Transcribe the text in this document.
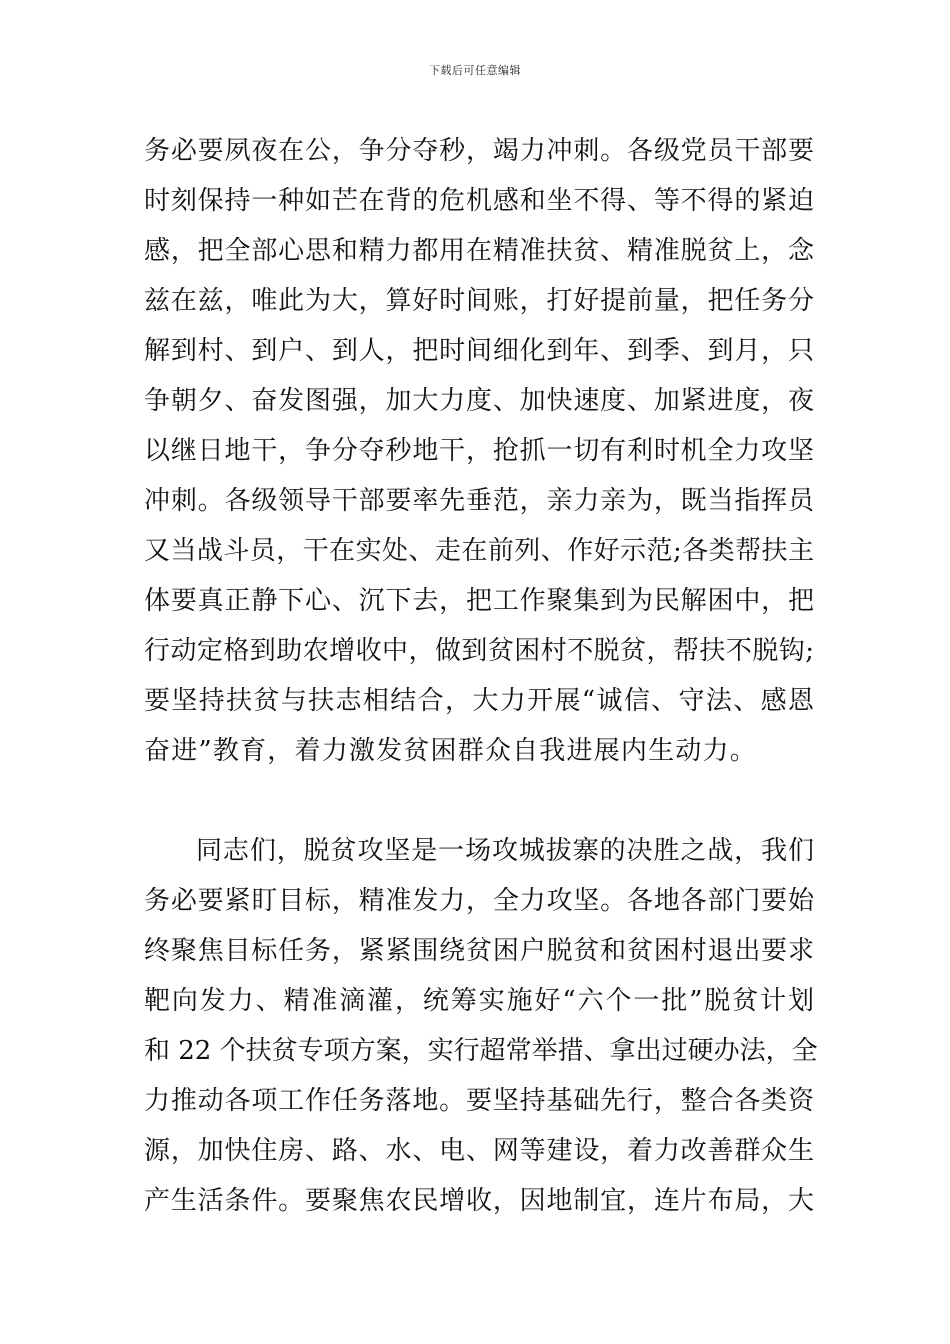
下载后可任意编辑
务必要夙夜在公，争分夺秒，竭力冲刺。各级党员干部要
时刻保持一种如芒在背的危机感和坐不得、等不得的紧迫
感，把全部心思和精力都用在精准扶贫、精准脱贫上，念
兹在兹，唯此为大，算好时间账，打好提前量，把任务分
解到村、到户、到人，把时间细化到年、到季、到月，只
争朝夕、奋发图强，加大力度、加快速度、加紧进度，夜
以继日地干，争分夺秒地干，抢抓一切有利时机全力攻坚
冲刺。各级领导干部要率先垂范，亲力亲为，既当指挥员
又当战斗员，干在实处、走在前列、作好示范;各类帮扶主
体要真正静下心、沉下去，把工作聚集到为民解困中，把
行动定格到助农增收中，做到贫困村不脱贫，帮扶不脱钩;
要坚持扶贫与扶志相结合，大力开展“诚信、守法、感恩
奋进”教育，着力激发贫困群众自我进展内生动力。
同志们，脱贫攻坚是一场攻城拔寨的决胜之战，我们
务必要紧盯目标，精准发力，全力攻坚。各地各部门要始
终聚焦目标任务，紧紧围绕贫困户脱贫和贫困村退出要求
靶向发力、精准滴灌，统筹实施好“六个一批”脱贫计划
和 22 个扶贫专项方案，实行超常举措、拿出过硬办法，全
力推动各项工作任务落地。要坚持基础先行，整合各类资
源，加快住房、路、水、电、网等建设，着力改善群众生
产生活条件。要聚焦农民增收，因地制宜，连片布局，大
